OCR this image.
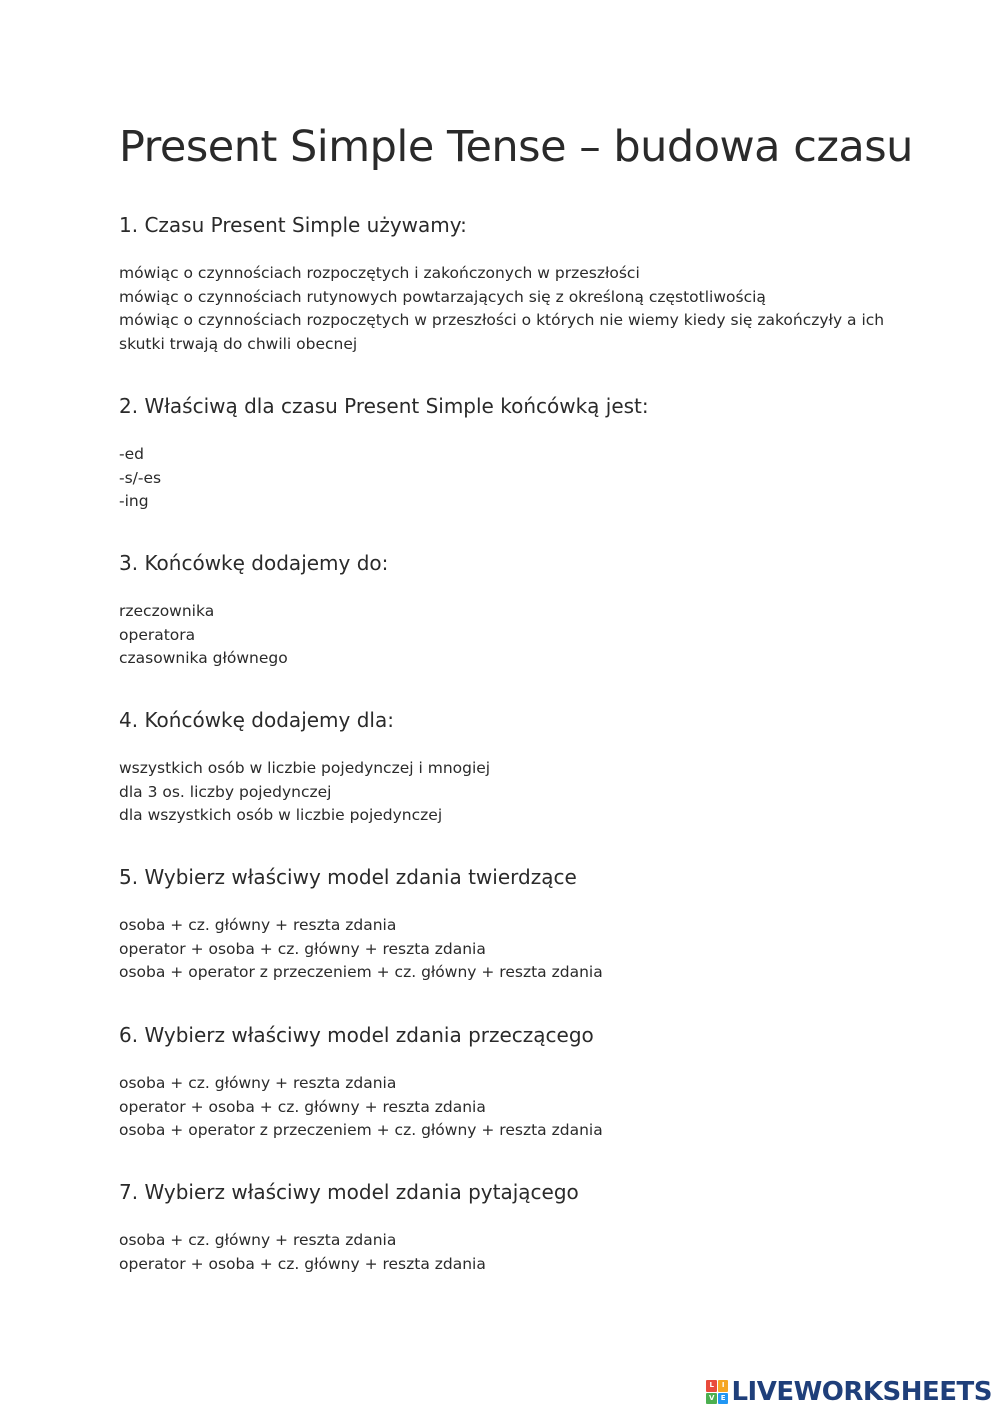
Present Simple Tense – budowa czasu
1. Czasu Present Simple używamy:
mówiąc o czynnościach rozpoczętych i zakończonych w przeszłości
mówiąc o czynnościach rutynowych powtarzających się z określoną częstotliwością
mówiąc o czynnościach rozpoczętych w przeszłości o których nie wiemy kiedy się zakończyły a ich
skutki trwają do chwili obecnej
2. Właściwą dla czasu Present Simple końcówką jest:
-ed
-s/-es
-ing
3. Końcówkę dodajemy do:
rzeczownika
operatora
czasownika głównego
4. Końcówkę dodajemy dla:
wszystkich osób w liczbie pojedynczej i mnogiej
dla 3 os. liczby pojedynczej
dla wszystkich osób w liczbie pojedynczej
5. Wybierz właściwy model zdania twierdzące
osoba + cz. główny + reszta zdania
operator + osoba + cz. główny + reszta zdania
osoba + operator z przeczeniem + cz. główny + reszta zdania
6. Wybierz właściwy model zdania przeczącego
osoba + cz. główny + reszta zdania
operator + osoba + cz. główny + reszta zdania
osoba + operator z przeczeniem + cz. główny + reszta zdania
7. Wybierz właściwy model zdania pytającego
osoba + cz. główny + reszta zdania
operator + osoba + cz. główny + reszta zdania
L	I
V E LIVEWORKSHEETS
